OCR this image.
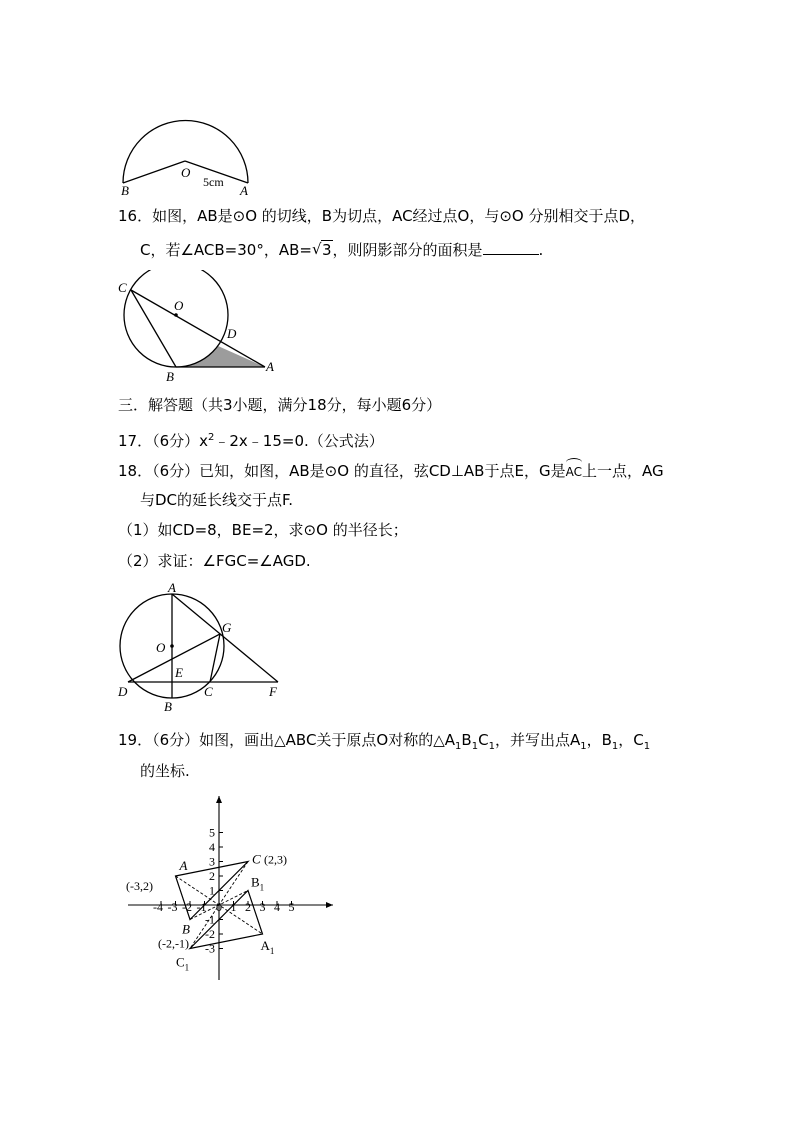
B
O
A
5cm
16．如图，AB是⊙O 的切线，B为切点，AC经过点O，与⊙O 分别相交于点D，
C，若∠ACB=30°，AB= √ 3，则阴影部分的面积是	.
C
O
D
B
A
三．解答题（共3小题，满分18分，每小题6分）
17．（6分）$x^2﹣2x﹣15=0$.（公式法）
18．（6分）已知，如图，AB是⊙O 的直径，弦CD⊥AB于点E，G是AC上一点，AG
与DC的延长线交于点F.
（1）如CD=8，BE=2，求⊙O 的半径长；
（2）求证：∠FGC=∠AGD.
A
G
O
E
D	C	F
B
19．（6分）如图，画出△ABC关于原点O对称的$\triangle A_1B_1C_1$，并写出点$A_1$，$B_1$，$C_1$
的坐标.
-4 -3 -2 -1 0 1 2 3 4 5
5
4
3
2
1
-1
-2
-3
A
(-3,2)
B
(-2,-1)
C (2,3)
$A_1$
$B_1$
$C_1$
